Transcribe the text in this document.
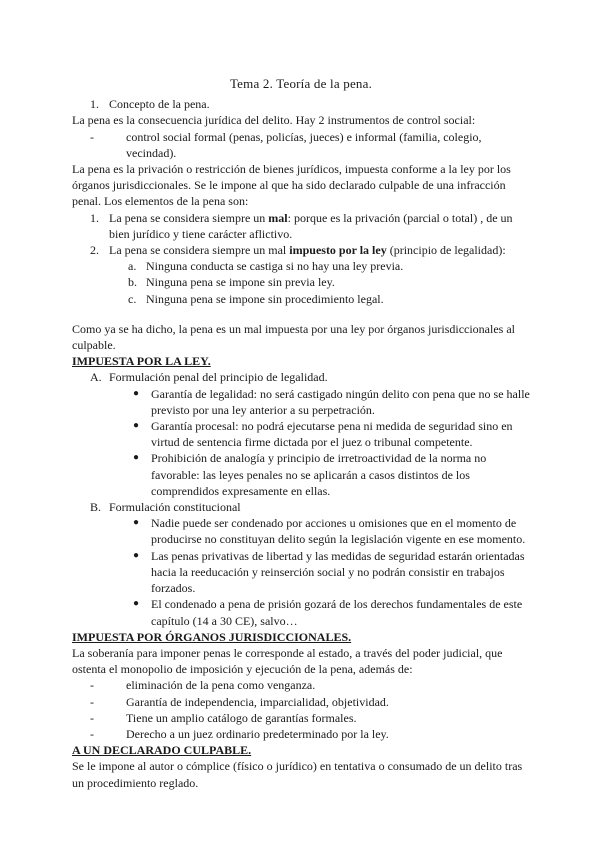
Tema 2. Teoría de la pena.

1. Concepto de la pena.

La pena es la consecuencia jurídica del delito. Hay 2 instrumentos de control social:

-	control social formal (penas, policías, jueces) e informal (familia, colegio, vecindad).

La pena es la privación o restricción de bienes jurídicos, impuesta conforme a la ley por los órganos jurisdiccionales. Se le impone al que ha sido declarado culpable de una infracción penal. Los elementos de la pena son:

1. La pena se considera siempre un mal: porque es la privación (parcial o total) , de un bien jurídico y tiene carácter aflictivo.
2. La pena se considera siempre un mal impuesto por la ley (principio de legalidad):
a. Ninguna conducta se castiga si no hay una ley previa.
b. Ninguna pena se impone sin previa ley.
c. Ninguna pena se impone sin procedimiento legal.

Como ya se ha dicho, la pena es un mal impuesta por una ley por órganos jurisdiccionales al culpable.

IMPUESTA POR LA LEY.

A. Formulación penal del principio de legalidad.
● Garantía de legalidad: no será castigado ningún delito con pena que no se halle previsto por una ley anterior a su perpetración.
● Garantía procesal: no podrá ejecutarse pena ni medida de seguridad sino en virtud de sentencia firme dictada por el juez o tribunal competente.
● Prohibición de analogía y principio de irretroactividad de la norma no favorable: las leyes penales no se aplicarán a casos distintos de los comprendidos expresamente en ellas.
B. Formulación constitucional
● Nadie puede ser condenado por acciones u omisiones que en el momento de producirse no constituyan delito según la legislación vigente en ese momento.
● Las penas privativas de libertad y las medidas de seguridad estarán orientadas hacia la reeducación y reinserción social y no podrán consistir en trabajos forzados.
● El condenado a pena de prisión gozará de los derechos fundamentales de este capítulo (14 a 30 CE), salvo…

IMPUESTA POR ÓRGANOS JURISDICCIONALES.

La soberanía para imponer penas le corresponde al estado, a través del poder judicial, que ostenta el monopolio de imposición y ejecución de la pena, además de:

-	eliminación de la pena como venganza.
-	Garantía de independencia, imparcialidad, objetividad.
-	Tiene un amplio catálogo de garantías formales.
-	Derecho a un juez ordinario predeterminado por la ley.

A UN DECLARADO CULPABLE.

Se le impone al autor o cómplice (físico o jurídico) en tentativa o consumado de un delito tras un procedimiento reglado.
